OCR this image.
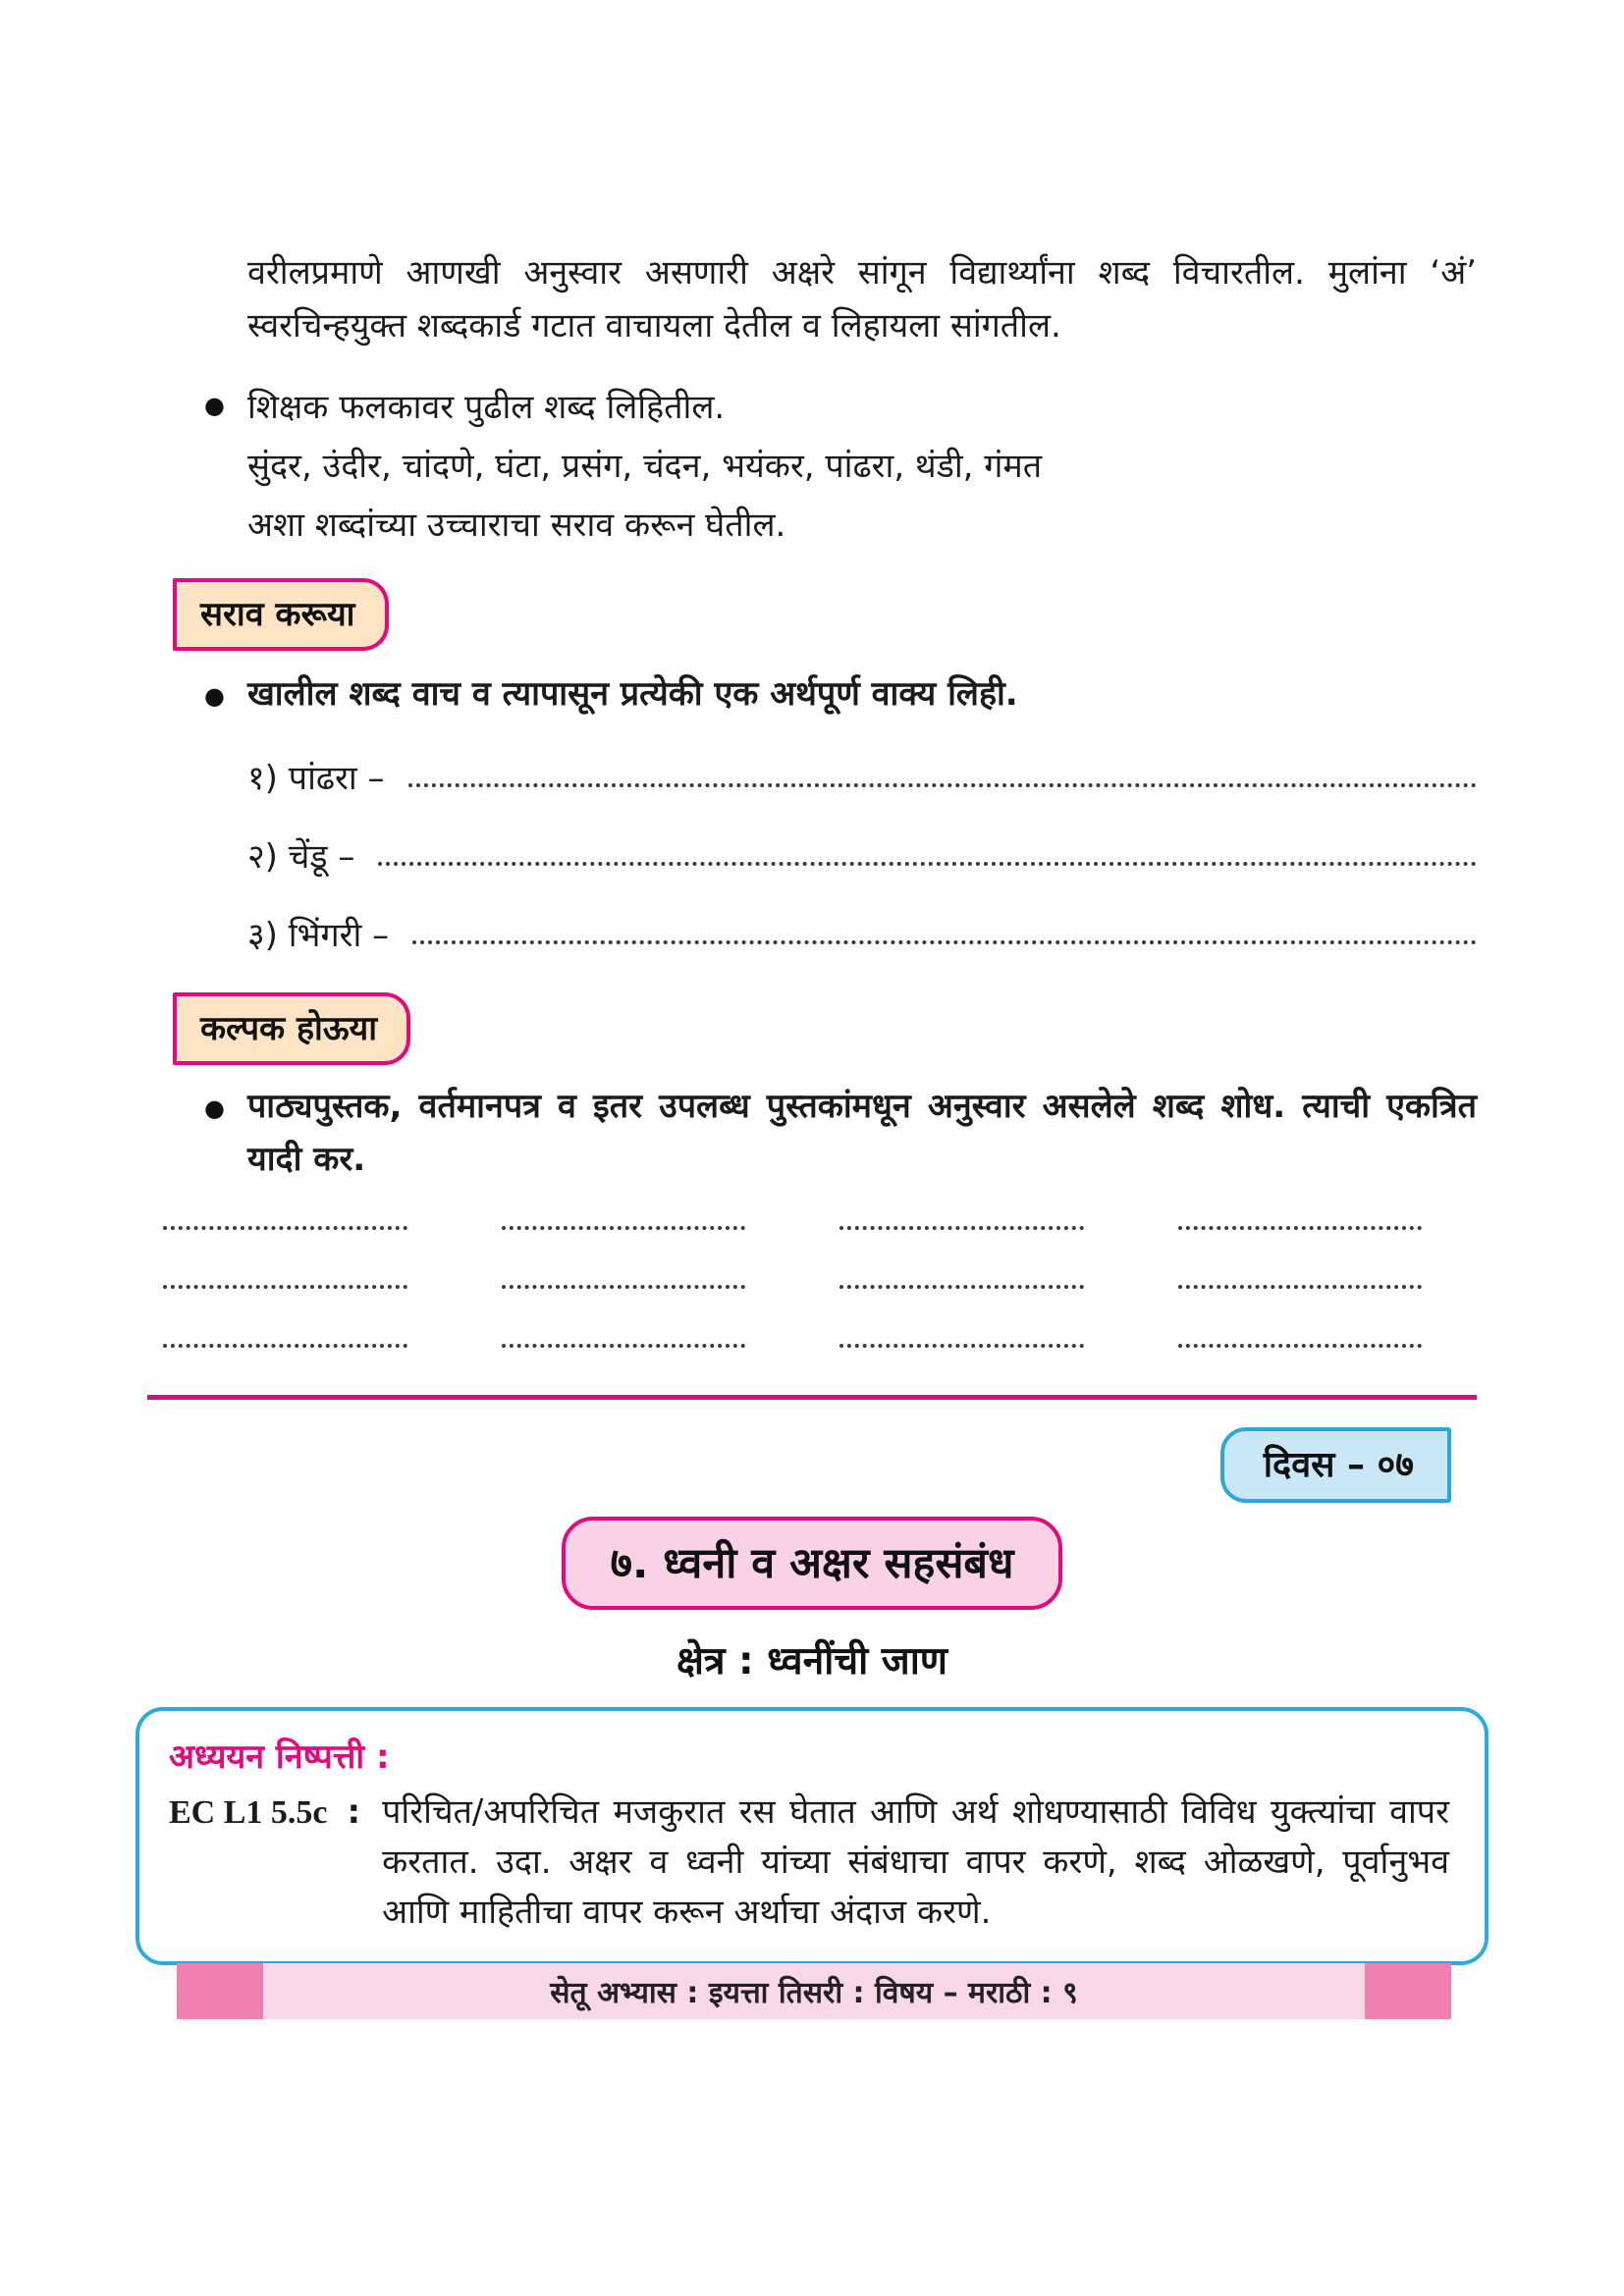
वरीलप्रमाणे आणखी अनुस्वार असणारी अक्षरे सांगून विद्यार्थ्यांना शब्द विचारतील. मुलांना ‘अं’ स्वरचिन्हयुक्त शब्दकार्ड गटात वाचायला देतील व लिहायला सांगतील.

● शिक्षक फलकावर पुढील शब्द लिहितील.

सुंदर, उंदीर, चांदणे, घंटा, प्रसंग, चंदन, भयंकर, पांढरा, थंडी, गंमत

अशा शब्दांच्या उच्चाराचा सराव करून घेतील.

सराव करूया
● खालील शब्द वाच व त्यापासून प्रत्येकी एक अर्थपूर्ण वाक्य लिही.
१) पांढरा –
२) चेंडू –
३) भिंगरी –
कल्पक होऊया
● पाठ्यपुस्तक, वर्तमानपत्र व इतर उपलब्ध पुस्तकांमधून अनुस्वार असलेले शब्द शोध. त्याची एकत्रित यादी कर.
दिवस – ०७
७. ध्वनी व अक्षर सहसंबंध
क्षेत्र : ध्वनींची जाण
अध्ययन निष्पत्ती :
EC L1 5.5c : परिचित/अपरिचित मजकुरात रस घेतात आणि अर्थ शोधण्यासाठी विविध युक्त्यांचा वापर करतात. उदा. अक्षर व ध्वनी यांच्या संबंधाचा वापर करणे, शब्द ओळखणे, पूर्वानुभव आणि माहितीचा वापर करून अर्थाचा अंदाज करणे.
सेतू अभ्यास : इयत्ता तिसरी : विषय – मराठी : ९
